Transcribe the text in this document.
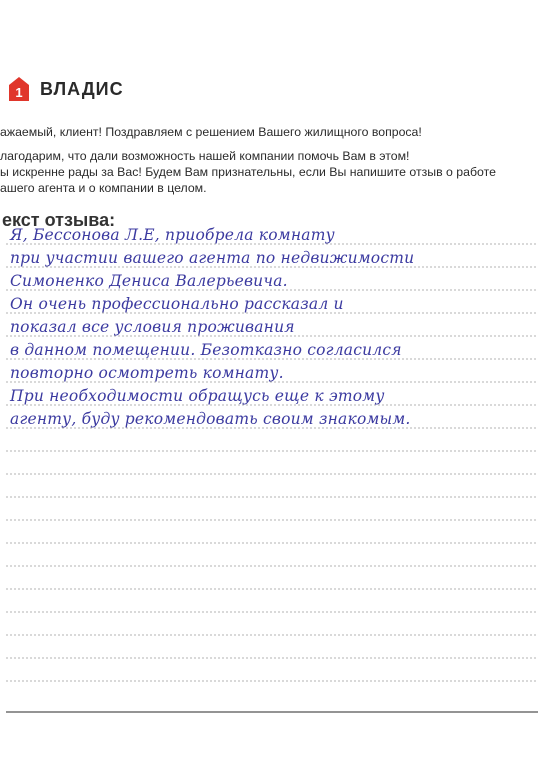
1 ВЛАДИС

ажаемый, клиент! Поздравляем с решением Вашего жилищного вопроса!

лагодарим, что дали возможность нашей компании помочь Вам в этом!

ы искренне рады за Вас! Будем Вам признательны, если Вы напишите отзыв о работе

ашего агента и о компании в целом.

екст отзыва:
Я, Бессонова Л.Е, приобрела комнату
при участии вашего агента по недвижимости
Симоненко Дениса Валерьевича.
Он очень профессионально рассказал и
показал все условия проживания
в данном помещении. Безотказно согласился
повторно осмотреть комнату.
При необходимости обращусь еще к этому
агенту, буду рекомендовать своим знакомым.
